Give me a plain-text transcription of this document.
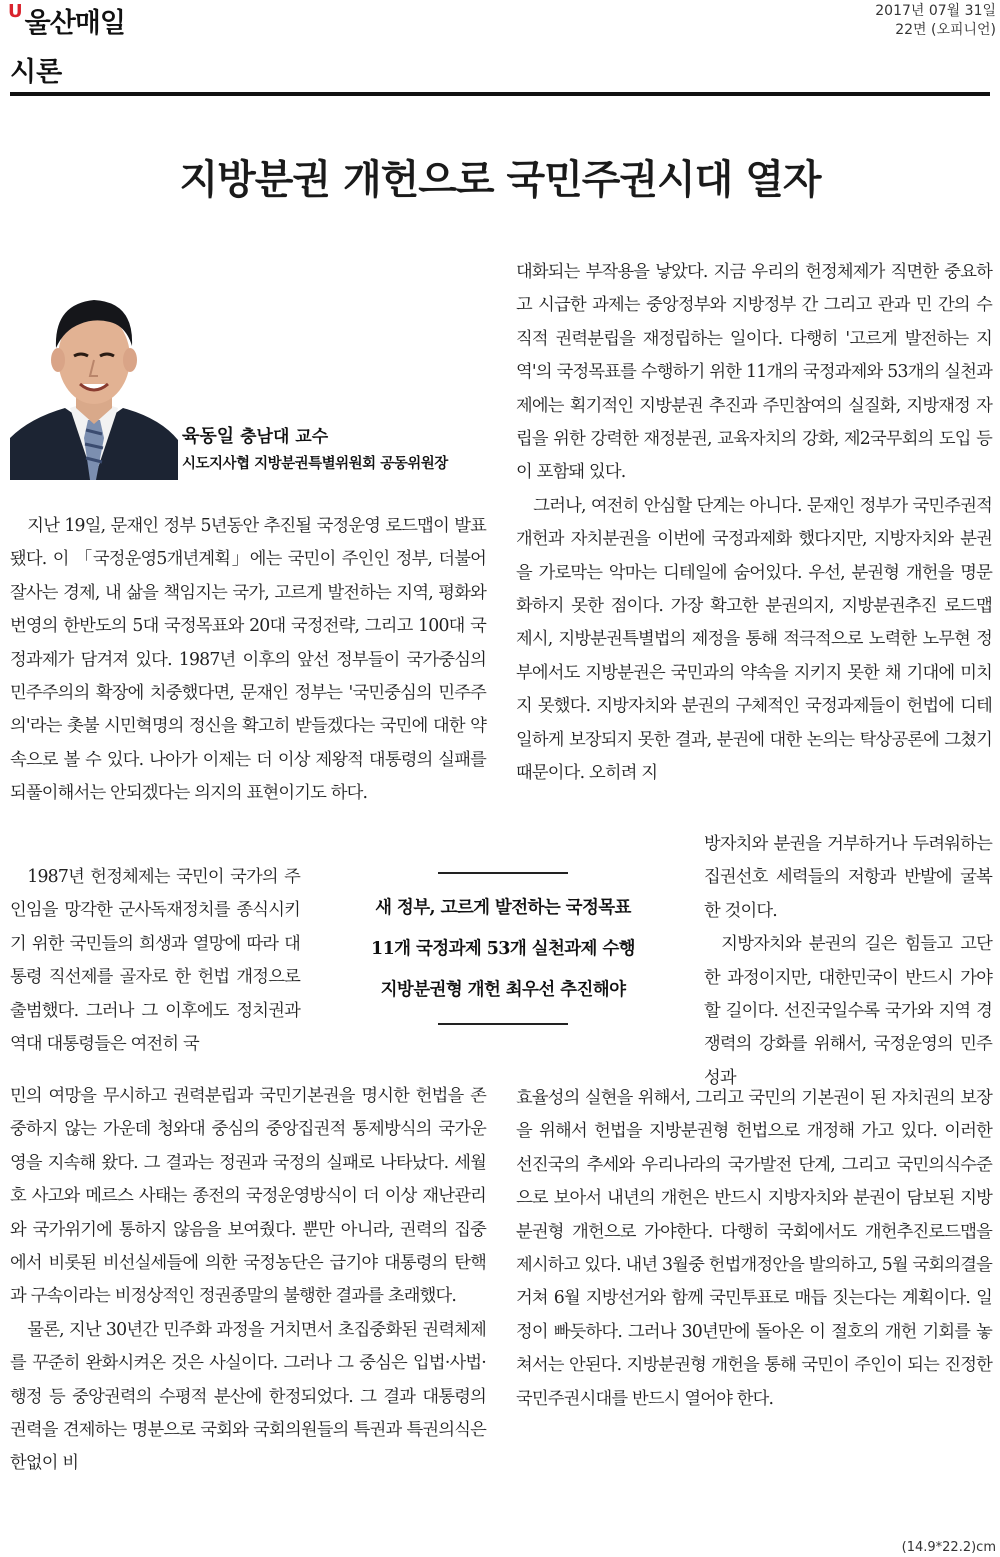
U 울산매일	2017년 07월 31일
22면 (오피니언)
시론
지방분권 개헌으로 국민주권시대 열자
육동일 충남대 교수
시도지사협 지방분권특별위원회 공동위원장

지난 19일, 문재인 정부 5년동안 추진될 국정운영 로드맵이 발표됐다. 이 「국정운영5개년계획」에는 국민이 주인인 정부, 더불어 잘사는 경제, 내 삶을 책임지는 국가, 고르게 발전하는 지역, 평화와 번영의 한반도의 5대 국정목표와 20대 국정전략, 그리고 100대 국정과제가 담겨져 있다. 1987년 이후의 앞선 정부들이 국가중심의 민주주의의 확장에 치중했다면, 문재인 정부는 '국민중심의 민주주의'라는 촛불 시민혁명의 정신을 확고히 받들겠다는 국민에 대한 약속으로 볼 수 있다. 나아가 이제는 더 이상 제왕적 대통령의 실패를 되풀이해서는 안되겠다는 의지의 표현이기도 하다.

1987년 헌정체제는 국민이 국가의 주인임을 망각한 군사독재정치를 종식시키기 위한 국민들의 희생과 열망에 따라 대통령 직선제를 골자로 한 헌법 개정으로 출범했다. 그러나 그 이후에도 정치권과 역대 대통령들은 여전히 국

민의 여망을 무시하고 권력분립과 국민기본권을 명시한 헌법을 존중하지 않는 가운데 청와대 중심의 중앙집권적 통제방식의 국가운영을 지속해 왔다. 그 결과는 정권과 국정의 실패로 나타났다. 세월호 사고와 메르스 사태는 종전의 국정운영방식이 더 이상 재난관리와 국가위기에 통하지 않음을 보여줬다. 뿐만 아니라, 권력의 집중에서 비롯된 비선실세들에 의한 국정농단은 급기야 대통령의 탄핵과 구속이라는 비정상적인 정권종말의 불행한 결과를 초래했다.

물론, 지난 30년간 민주화 과정을 거치면서 초집중화된 권력체제를 꾸준히 완화시켜온 것은 사실이다. 그러나 그 중심은 입법·사법·행정 등 중앙권력의 수평적 분산에 한정되었다. 그 결과 대통령의 권력을 견제하는 명분으로 국회와 국회의원들의 특권과 특권의식은 한없이 비

새 정부, 고르게 발전하는 국정목표
11개 국정과제 53개 실천과제 수행
지방분권형 개헌 최우선 추진해야

대화되는 부작용을 낳았다. 지금 우리의 헌정체제가 직면한 중요하고 시급한 과제는 중앙정부와 지방정부 간 그리고 관과 민 간의 수직적 권력분립을 재정립하는 일이다. 다행히 '고르게 발전하는 지역'의 국정목표를 수행하기 위한 11개의 국정과제와 53개의 실천과제에는 획기적인 지방분권 추진과 주민참여의 실질화, 지방재정 자립을 위한 강력한 재정분권, 교육자치의 강화, 제2국무회의 도입 등이 포함돼 있다.

그러나, 여전히 안심할 단계는 아니다. 문재인 정부가 국민주권적 개헌과 자치분권을 이번에 국정과제화 했다지만, 지방자치와 분권을 가로막는 악마는 디테일에 숨어있다. 우선, 분권형 개헌을 명문화하지 못한 점이다. 가장 확고한 분권의지, 지방분권추진 로드맵 제시, 지방분권특별법의 제정을 통해 적극적으로 노력한 노무현 정부에서도 지방분권은 국민과의 약속을 지키지 못한 채 기대에 미치지 못했다. 지방자치와 분권의 구체적인 국정과제들이 헌법에 디테일하게 보장되지 못한 결과, 분권에 대한 논의는 탁상공론에 그쳤기 때문이다. 오히려 지

방자치와 분권을 거부하거나 두려워하는 집권선호 세력들의 저항과 반발에 굴복한 것이다.

지방자치와 분권의 길은 힘들고 고단한 과정이지만, 대한민국이 반드시 가야할 길이다. 선진국일수록 국가와 지역 경쟁력의 강화를 위해서, 국정운영의 민주성과

효율성의 실현을 위해서, 그리고 국민의 기본권이 된 자치권의 보장을 위해서 헌법을 지방분권형 헌법으로 개정해 가고 있다. 이러한 선진국의 추세와 우리나라의 국가발전 단계, 그리고 국민의식수준으로 보아서 내년의 개헌은 반드시 지방자치와 분권이 담보된 지방분권형 개헌으로 가야한다. 다행히 국회에서도 개헌추진로드맵을 제시하고 있다. 내년 3월중 헌법개정안을 발의하고, 5월 국회의결을 거쳐 6월 지방선거와 함께 국민투표로 매듭 짓는다는 계획이다. 일정이 빠듯하다. 그러나 30년만에 돌아온 이 절호의 개헌 기회를 놓쳐서는 안된다. 지방분권형 개헌을 통해 국민이 주인이 되는 진정한 국민주권시대를 반드시 열어야 한다.

(14.9*22.2)cm
